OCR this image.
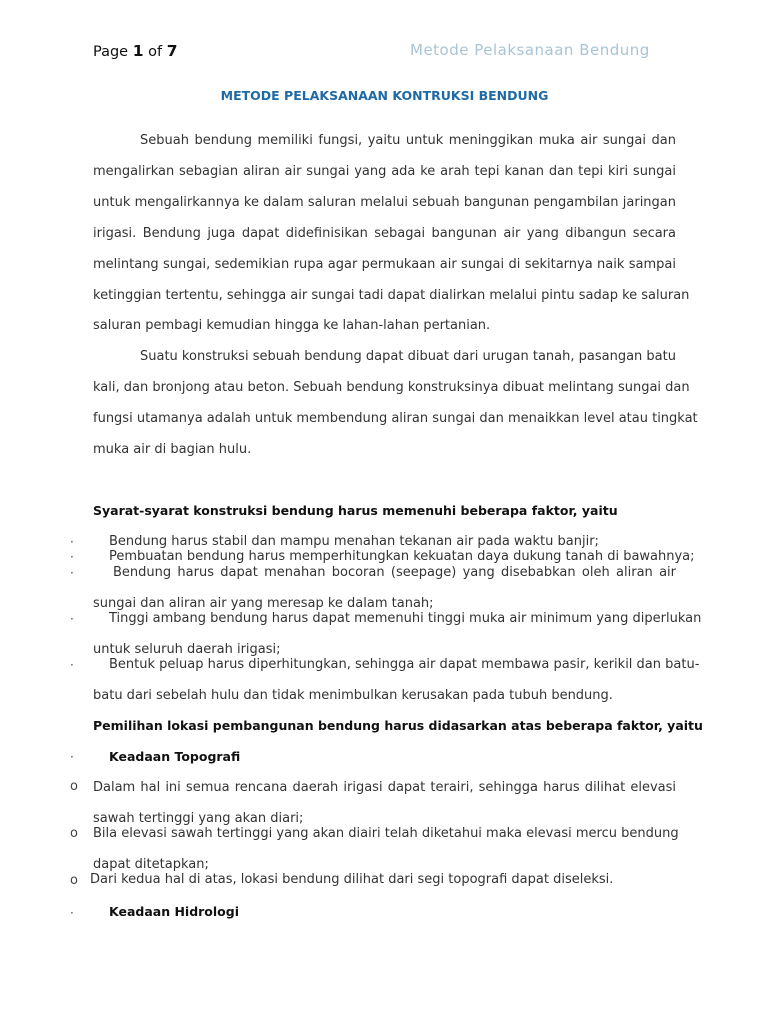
Page 1 of 7	Metode Pelaksanaan Bendung
METODE PELAKSANAAN KONTRUKSI BENDUNG
Sebuah bendung memiliki fungsi, yaitu untuk meninggikan muka air sungai dan
mengalirkan sebagian aliran air sungai yang ada ke arah tepi kanan dan tepi kiri sungai
untuk mengalirkannya ke dalam saluran melalui sebuah bangunan pengambilan jaringan
irigasi. Bendung juga dapat didefinisikan sebagai bangunan air yang dibangun secara
melintang sungai, sedemikian rupa agar permukaan air sungai di sekitarnya naik sampai
ketinggian tertentu, sehingga air sungai tadi dapat dialirkan melalui pintu sadap ke saluran
saluran pembagi kemudian hingga ke lahan-lahan pertanian.
Suatu konstruksi sebuah bendung dapat dibuat dari urugan tanah, pasangan batu
kali, dan bronjong atau beton. Sebuah bendung konstruksinya dibuat melintang sungai dan
fungsi utamanya adalah untuk membendung aliran sungai dan menaikkan level atau tingkat
muka air di bagian hulu.
Syarat-syarat konstruksi bendung harus memenuhi beberapa faktor, yaitu
·	Bendung harus stabil dan mampu menahan tekanan air pada waktu banjir;
·	Pembuatan bendung harus memperhitungkan kekuatan daya dukung tanah di bawahnya;
·	Bendung harus dapat menahan bocoran (seepage) yang disebabkan oleh aliran air
sungai dan aliran air yang meresap ke dalam tanah;
·	Tinggi ambang bendung harus dapat memenuhi tinggi muka air minimum yang diperlukan
untuk seluruh daerah irigasi;
·	Bentuk peluap harus diperhitungkan, sehingga air dapat membawa pasir, kerikil dan batu-
batu dari sebelah hulu dan tidak menimbulkan kerusakan pada tubuh bendung.
Pemilihan lokasi pembangunan bendung harus didasarkan atas beberapa faktor, yaitu
·	Keadaan Topografi
o Dalam hal ini semua rencana daerah irigasi dapat terairi, sehingga harus dilihat elevasi
sawah tertinggi yang akan diari;
o Bila elevasi sawah tertinggi yang akan diairi telah diketahui maka elevasi mercu bendung
dapat ditetapkan;
o Dari kedua hal di atas, lokasi bendung dilihat dari segi topografi dapat diseleksi.
·	Keadaan Hidrologi
